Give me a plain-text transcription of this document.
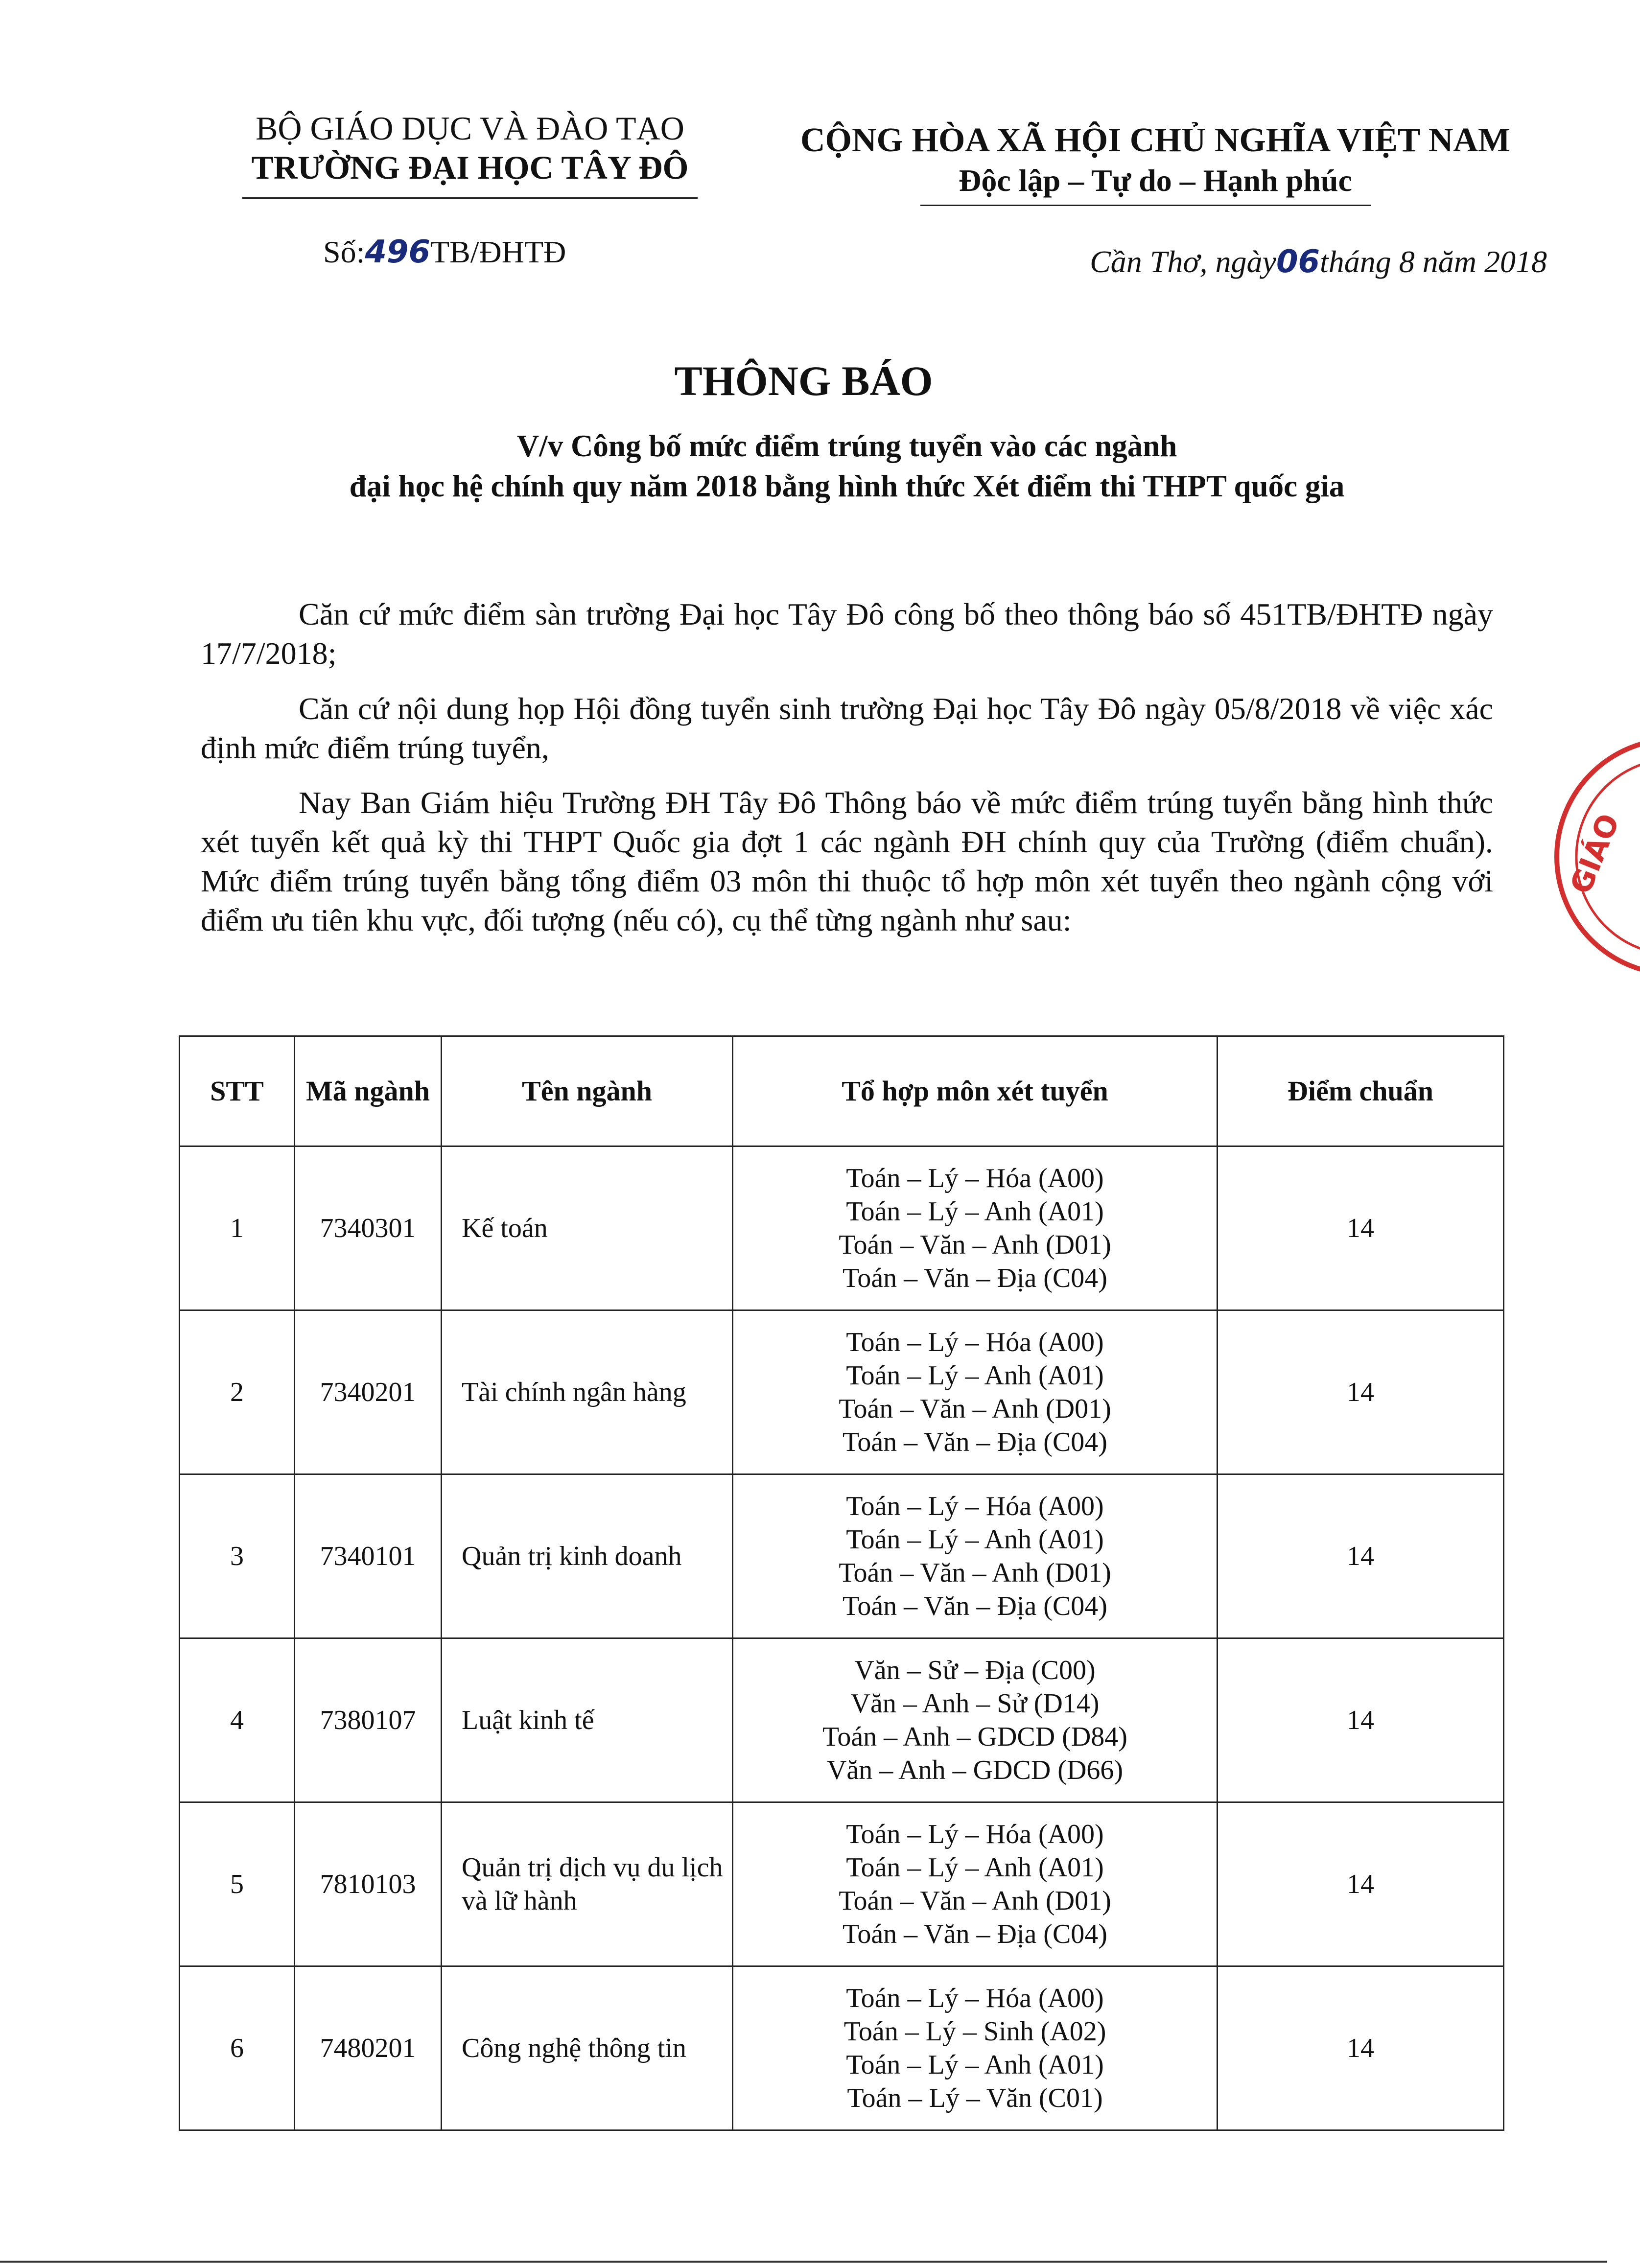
BỘ GIÁO DỤC VÀ ĐÀO TẠO
TRƯỜNG ĐẠI HỌC TÂY ĐÔ
Số:496TB/ĐHTĐ
CỘNG HÒA XÃ HỘI CHỦ NGHĨA VIỆT NAM
Độc lập – Tự do – Hạnh phúc
Cần Thơ, ngày06tháng 8 năm 2018
THÔNG BÁO
V/v Công bố mức điểm trúng tuyển vào các ngành
đại học hệ chính quy năm 2018 bằng hình thức Xét điểm thi THPT quốc gia
Căn cứ mức điểm sàn trường Đại học Tây Đô công bố theo thông báo số 451TB/ĐHTĐ ngày 17/7/2018;
Căn cứ nội dung họp Hội đồng tuyển sinh trường Đại học Tây Đô ngày 05/8/2018 về việc xác định mức điểm trúng tuyển,
Nay Ban Giám hiệu Trường ĐH Tây Đô Thông báo về mức điểm trúng tuyển bằng hình thức xét tuyển kết quả kỳ thi THPT Quốc gia đợt 1 các ngành ĐH chính quy của Trường (điểm chuẩn). Mức điểm trúng tuyển bằng tổng điểm 03 môn thi thuộc tổ hợp môn xét tuyển theo ngành cộng với điểm ưu tiên khu vực, đối tượng (nếu có), cụ thể từng ngành như sau:
GIÁO
STT	Mã ngành	Tên ngành	Tổ hợp môn xét tuyển	Điểm chuẩn
1	7340301	Kế toán	Toán – Lý – Hóa (A00)
Toán – Lý – Anh (A01)
Toán – Văn – Anh (D01)
Toán – Văn – Địa (C04)	14
2	7340201	Tài chính ngân hàng	Toán – Lý – Hóa (A00)
Toán – Lý – Anh (A01)
Toán – Văn – Anh (D01)
Toán – Văn – Địa (C04)	14
3	7340101	Quản trị kinh doanh	Toán – Lý – Hóa (A00)
Toán – Lý – Anh (A01)
Toán – Văn – Anh (D01)
Toán – Văn – Địa (C04)	14
4	7380107	Luật kinh tế	Văn – Sử – Địa (C00)
Văn – Anh – Sử (D14)
Toán – Anh – GDCD (D84)
Văn – Anh – GDCD (D66)	14
5	7810103	Quản trị dịch vụ du lịch và lữ hành	Toán – Lý – Hóa (A00)
Toán – Lý – Anh (A01)
Toán – Văn – Anh (D01)
Toán – Văn – Địa (C04)	14
6	7480201	Công nghệ thông tin	Toán – Lý – Hóa (A00)
Toán – Lý – Sinh (A02)
Toán – Lý – Anh (A01)
Toán – Lý – Văn (C01)	14
